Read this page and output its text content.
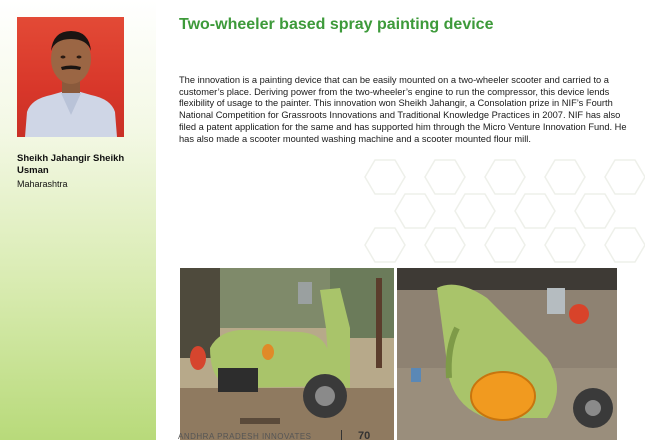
Sheikh Jahangir Sheikh Usman
Maharashtra
Two-wheeler based spray painting device

The innovation is a painting device that can be easily mounted on a two-wheeler scooter and carried to a customer’s place. Deriving power from the two-wheeler’s engine to run the compressor, this device lends flexibility of usage to the painter. This innovation won Sheikh Jahangir, a Consolation prize in NIF’s Fourth National Competition for Grassroots Innovations and Traditional Knowledge Practices in 2007. NIF has also filed a patent application for the same and has supported him through the Micro Venture Innovation Fund. He has also made a scooter mounted washing machine and a scooter mounted flour mill.

ANDHRA PRADESH INNOVATES	70
